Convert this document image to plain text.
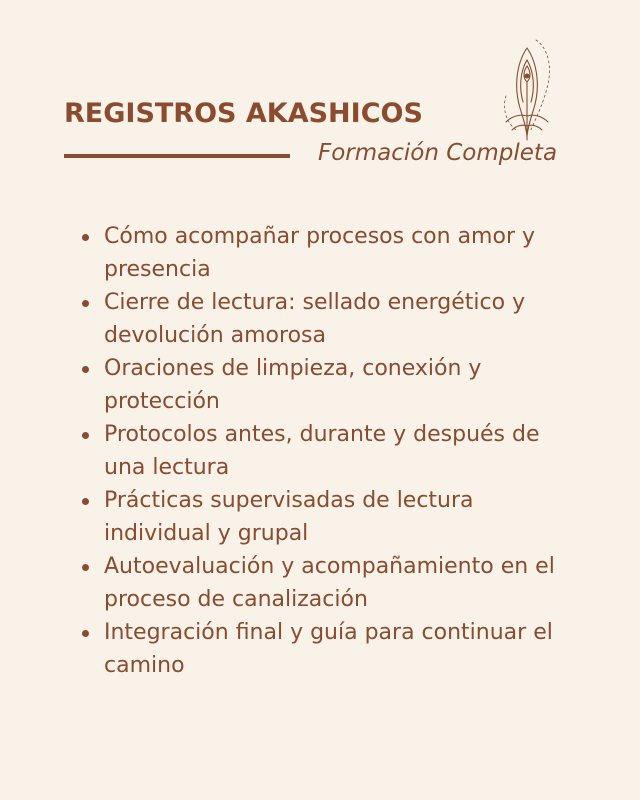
REGISTROS AKASHICOS
Formación Completa
Cómo acompañar procesos con amor y presencia
Cierre de lectura: sellado energético y devolución amorosa
Oraciones de limpieza, conexión y protección
Protocolos antes, durante y después de una lectura
Prácticas supervisadas de lectura individual y grupal
Autoevaluación y acompañamiento en el proceso de canalización
Integración final y guía para continuar el camino
